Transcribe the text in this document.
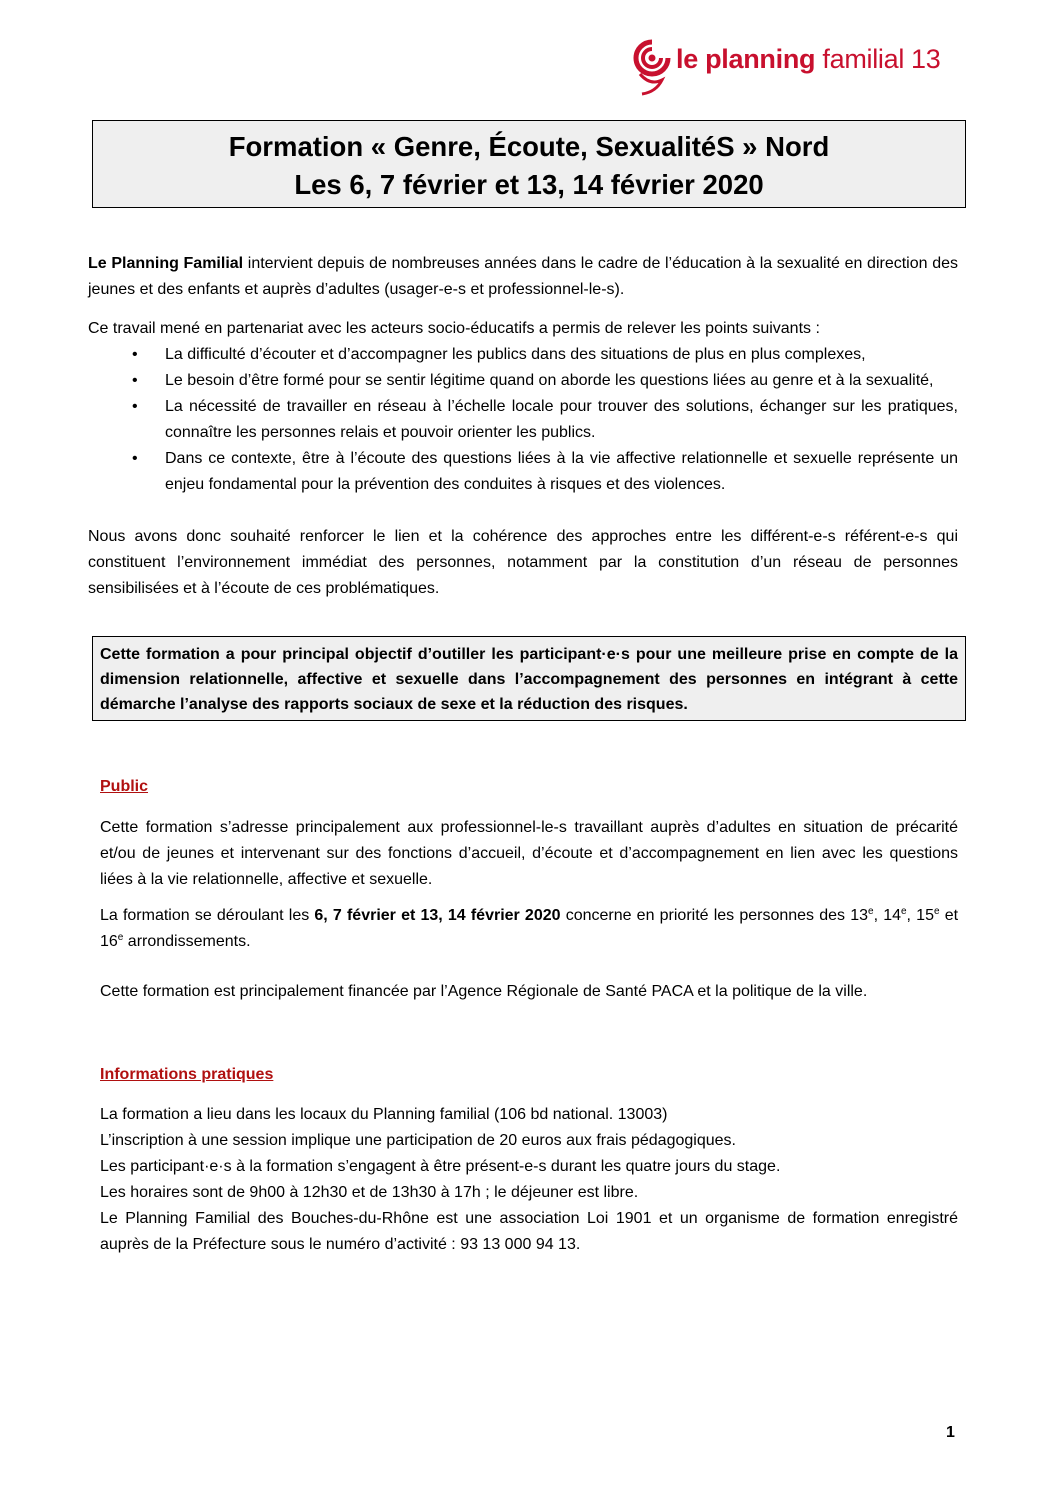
le planning familial 13
Formation « Genre, Écoute, SexualitéS » Nord
Les 6, 7 février et 13, 14 février 2020

Le Planning Familial intervient depuis de nombreuses années dans le cadre de l’éducation à la sexualité en direction des jeunes et des enfants et auprès d’adultes (usager-e-s et professionnel-le-s).

Ce travail mené en partenariat avec les acteurs socio-éducatifs a permis de relever les points suivants :

• La difficulté d’écouter et d’accompagner les publics dans des situations de plus en plus complexes,
• Le besoin d’être formé pour se sentir légitime quand on aborde les questions liées au genre et à la sexualité,
• La nécessité de travailler en réseau à l’échelle locale pour trouver des solutions, échanger sur les pratiques, connaître les personnes relais et pouvoir orienter les publics.
• Dans ce contexte, être à l’écoute des questions liées à la vie affective relationnelle et sexuelle représente un enjeu fondamental pour la prévention des conduites à risques et des violences.

Nous avons donc souhaité renforcer le lien et la cohérence des approches entre les différent-e-s référent-e-s qui constituent l’environnement immédiat des personnes, notamment par la constitution d’un réseau de personnes sensibilisées et à l’écoute de ces problématiques.

Cette formation a pour principal objectif d’outiller les participant·e·s pour une meilleure prise en compte de la dimension relationnelle, affective et sexuelle dans l’accompagnement des personnes en intégrant à cette démarche l’analyse des rapports sociaux de sexe et la réduction des risques.
Public

Cette formation s’adresse principalement aux professionnel-le-s travaillant auprès d’adultes en situation de précarité et/ou de jeunes et intervenant sur des fonctions d’accueil, d’écoute et d’accompagnement en lien avec les questions liées à la vie relationnelle, affective et sexuelle.

La formation se déroulant les 6, 7 février et 13, 14 février 2020 concerne en priorité les personnes des 13e, 14e, 15e et 16e arrondissements.

Cette formation est principalement financée par l’Agence Régionale de Santé PACA et la politique de la ville.

Informations pratiques
La formation a lieu dans les locaux du Planning familial (106 bd national. 13003)
L’inscription à une session implique une participation de 20 euros aux frais pédagogiques.
Les participant·e·s à la formation s’engagent à être présent-e-s durant les quatre jours du stage.
Les horaires sont de 9h00 à 12h30 et de 13h30 à 17h ; le déjeuner est libre.

Le Planning Familial des Bouches-du-Rhône est une association Loi 1901 et un organisme de formation enregistré auprès de la Préfecture sous le numéro d’activité : 93 13 000 94 13.

1
